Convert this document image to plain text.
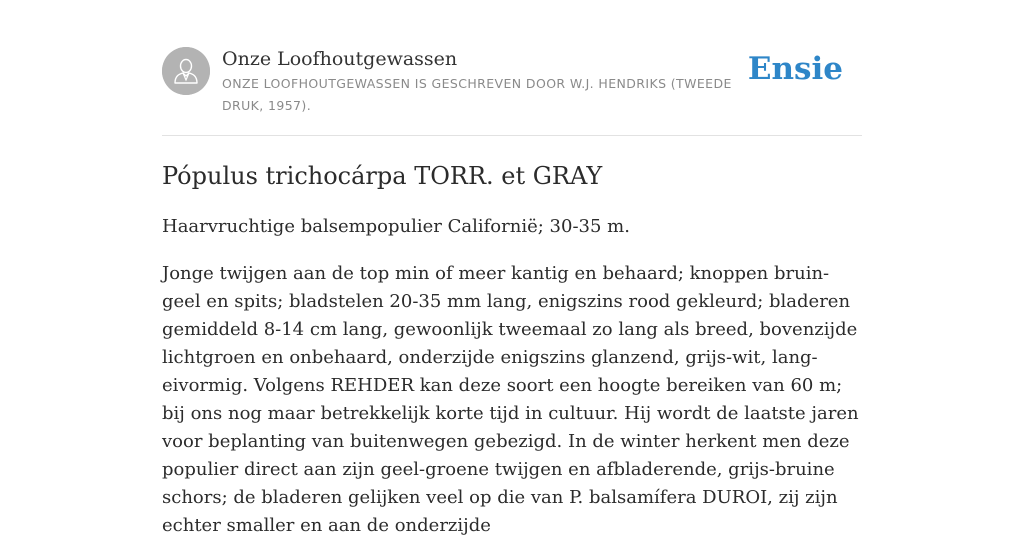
Onze Loofhoutgewassen
ONZE LOOFHOUTGEWASSEN IS GESCHREVEN DOOR W.J. HENDRIKS (TWEEDE DRUK, 1957).
Ensie
Pópulus trichocárpa TORR. et GRAY

Haarvruchtige balsempopulier Californië; 30-35 m.

Jonge twijgen aan de top min of meer kantig en behaard; knoppen bruin-geel en spits; bladstelen 20-35 mm lang, enigszins rood gekleurd; bladeren gemiddeld 8-14 cm lang, gewoonlijk tweemaal zo lang als breed, bovenzijde lichtgroen en onbehaard, onderzijde enigszins glanzend, grijs-wit, lang-eivormig. Volgens REHDER kan deze soort een hoogte bereiken van 60 m; bij ons nog maar betrekkelijk korte tijd in cultuur. Hij wordt de laatste jaren voor beplanting van buitenwegen gebezigd. In de winter herkent men deze populier direct aan zijn geel-groene twijgen en afbladerende, grijs-bruine schors; de bladeren gelijken veel op die van P. balsamífera DUROI, zij zijn echter smaller en aan de onderzijde
